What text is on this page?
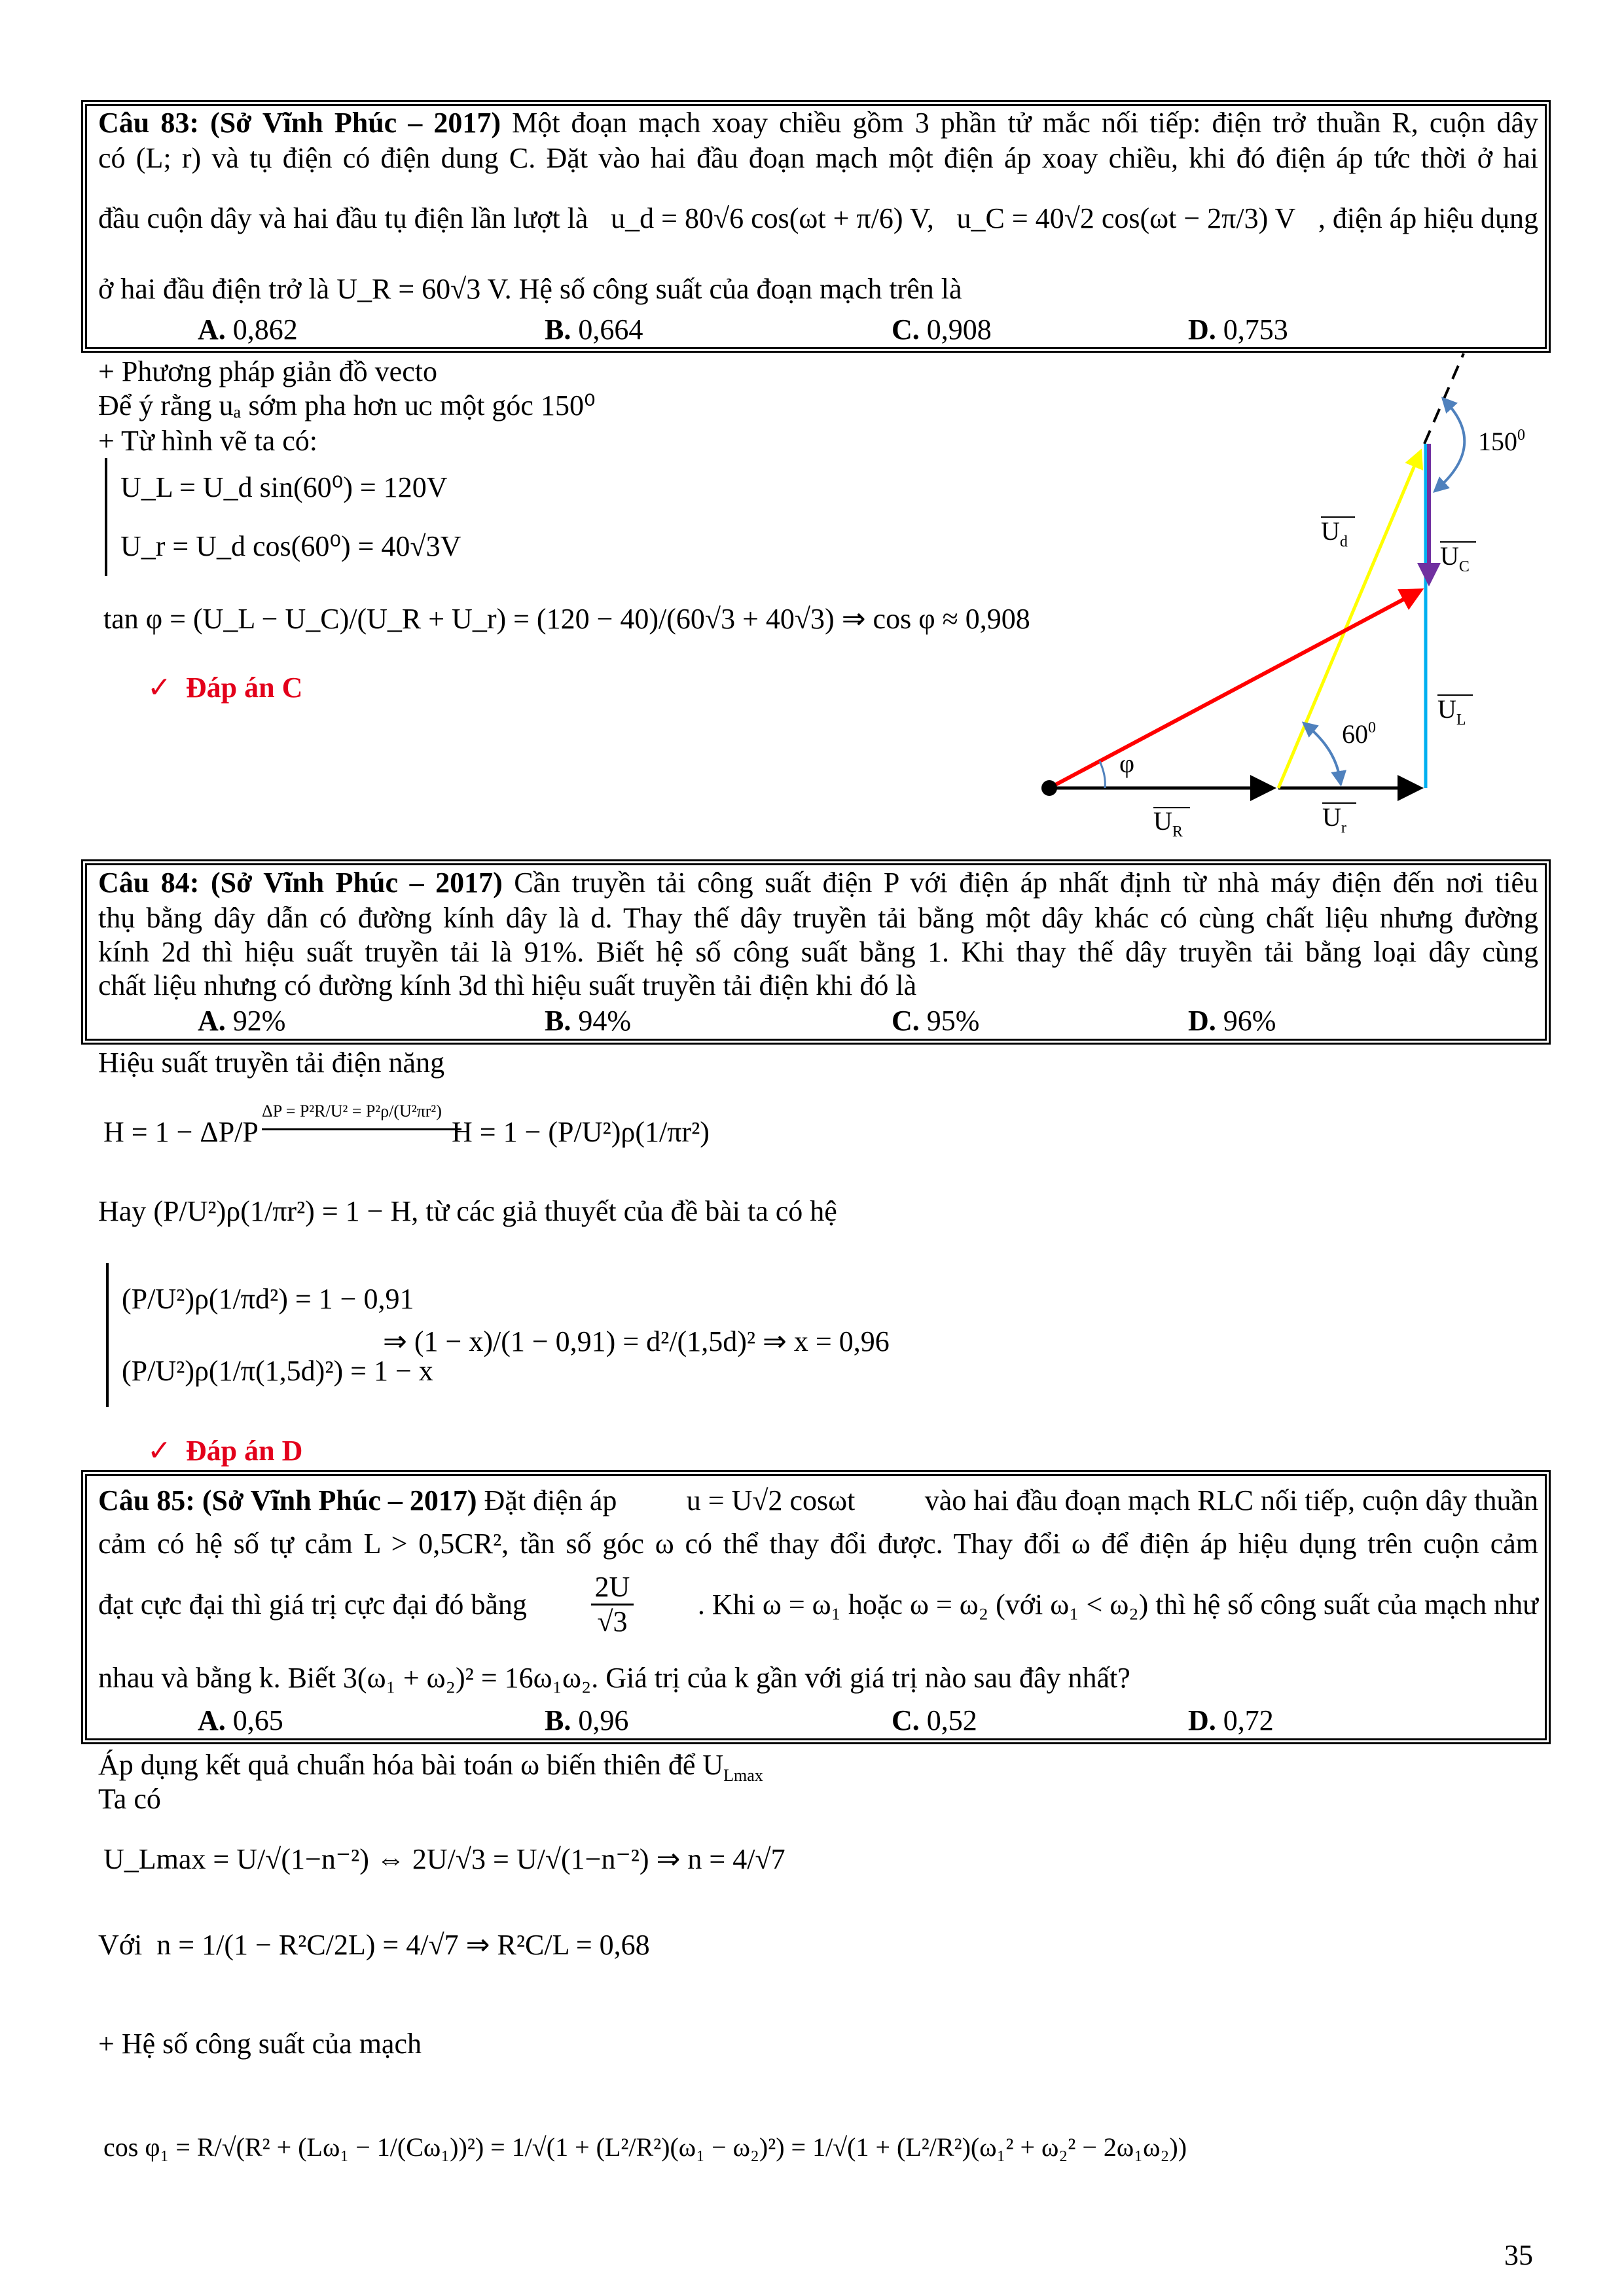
Câu 83: (Sở Vĩnh Phúc – 2017) Một đoạn mạch xoay chiều gồm 3 phần tử mắc nối tiếp: điện trở thuần R, cuộn dây
có (L; r) và tụ điện có điện dung C. Đặt vào hai đầu đoạn mạch một điện áp xoay chiều, khi đó điện áp tức thời ở hai
đầu cuộn dây và hai đầu tụ điện lần lượt là u_d = 80√6 cos(ωt + π/6) V, u_C = 40√2 cos(ωt − 2π/3) V , điện áp hiệu dụng
ở hai đầu điện trở là U_R = 60√3 V. Hệ số công suất của đoạn mạch trên là
A. 0,862	B. 0,664	C. 0,908	D. 0,753
+ Phương pháp giản đồ vecto
Để ý rằng uₐ sớm pha hơn uᴄ một góc 150⁰
+ Từ hình vẽ ta có:
U_L = U_d sin(60⁰) = 120V
U_r = U_d cos(60⁰) = 40√3V
tan φ = (U_L − U_C)/(U_R + U_r) = (120 − 40)/(60√3 + 40√3) ⇒ cos φ ≈ 0,908
✓ Đáp án C
$U_d$	$U_C$
$U_L$
$U_R$	$U_r$
φ
$60^0$
$150^0$
Câu 84: (Sở Vĩnh Phúc – 2017) Cần truyền tải công suất điện P với điện áp nhất định từ nhà máy điện đến nơi tiêu
thụ bằng dây dẫn có đường kính dây là d. Thay thế dây truyền tải bằng một dây khác có cùng chất liệu nhưng đường
kính 2d thì hiệu suất truyền tải là 91%. Biết hệ số công suất bằng 1. Khi thay thế dây truyền tải bằng loại dây cùng
chất liệu nhưng có đường kính 3d thì hiệu suất truyền tải điện khi đó là
A. 92%	B. 94%	C. 95%	D. 96%
Hiệu suất truyền tải điện năng
H = 1 − ΔP/P
ΔP = P²R/U² = P²ρ/(U²πr²)
H = 1 − (P/U²)ρ(1/πr²)
Hay (P/U²)ρ(1/πr²) = 1 − H, từ các giả thuyết của đề bài ta có hệ
(P/U²)ρ(1/πd²) = 1 − 0,91
(P/U²)ρ(1/π(1,5d)²) = 1 − x
⇒ (1 − x)/(1 − 0,91) = d²/(1,5d)² ⇒ x = 0,96
✓ Đáp án D
Câu 85: (Sở Vĩnh Phúc – 2017) Đặt điện áp u = U√2 cosωt vào hai đầu đoạn mạch RLC nối tiếp, cuộn dây thuần
cảm có hệ số tự cảm L > 0,5CR², tần số góc ω có thể thay đổi được. Thay đổi ω để điện áp hiệu dụng trên cuộn cảm
đạt cực đại thì giá trị cực đại đó bằng
2U
√3
. Khi ω = ω₁ hoặc ω = ω₂ (với ω₁ < ω₂) thì hệ số công suất của mạch như
nhau và bằng k. Biết 3(ω₁ + ω₂)² = 16ω₁ω₂. Giá trị của k gần với giá trị nào sau đây nhất?
A. 0,65	B. 0,96	C. 0,52	D. 0,72
Áp dụng kết quả chuẩn hóa bài toán ω biến thiên để $U_{Lmax}$
Ta có
U_Lmax = U/√(1−n⁻²) ⇔ 2U/√3 = U/√(1−n⁻²) ⇒ n = 4/√7
Với n = 1/(1 − R²C/2L) = 4/√7 ⇒ R²C/L = 0,68
+ Hệ số công suất của mạch
cos φ₁ = R/√(R² + (Lω₁ − 1/(Cω₁))²) = 1/√(1 + (L²/R²)(ω₁ − ω₂)²) = 1/√(1 + (L²/R²)(ω₁² + ω₂² − 2ω₁ω₂))
35
